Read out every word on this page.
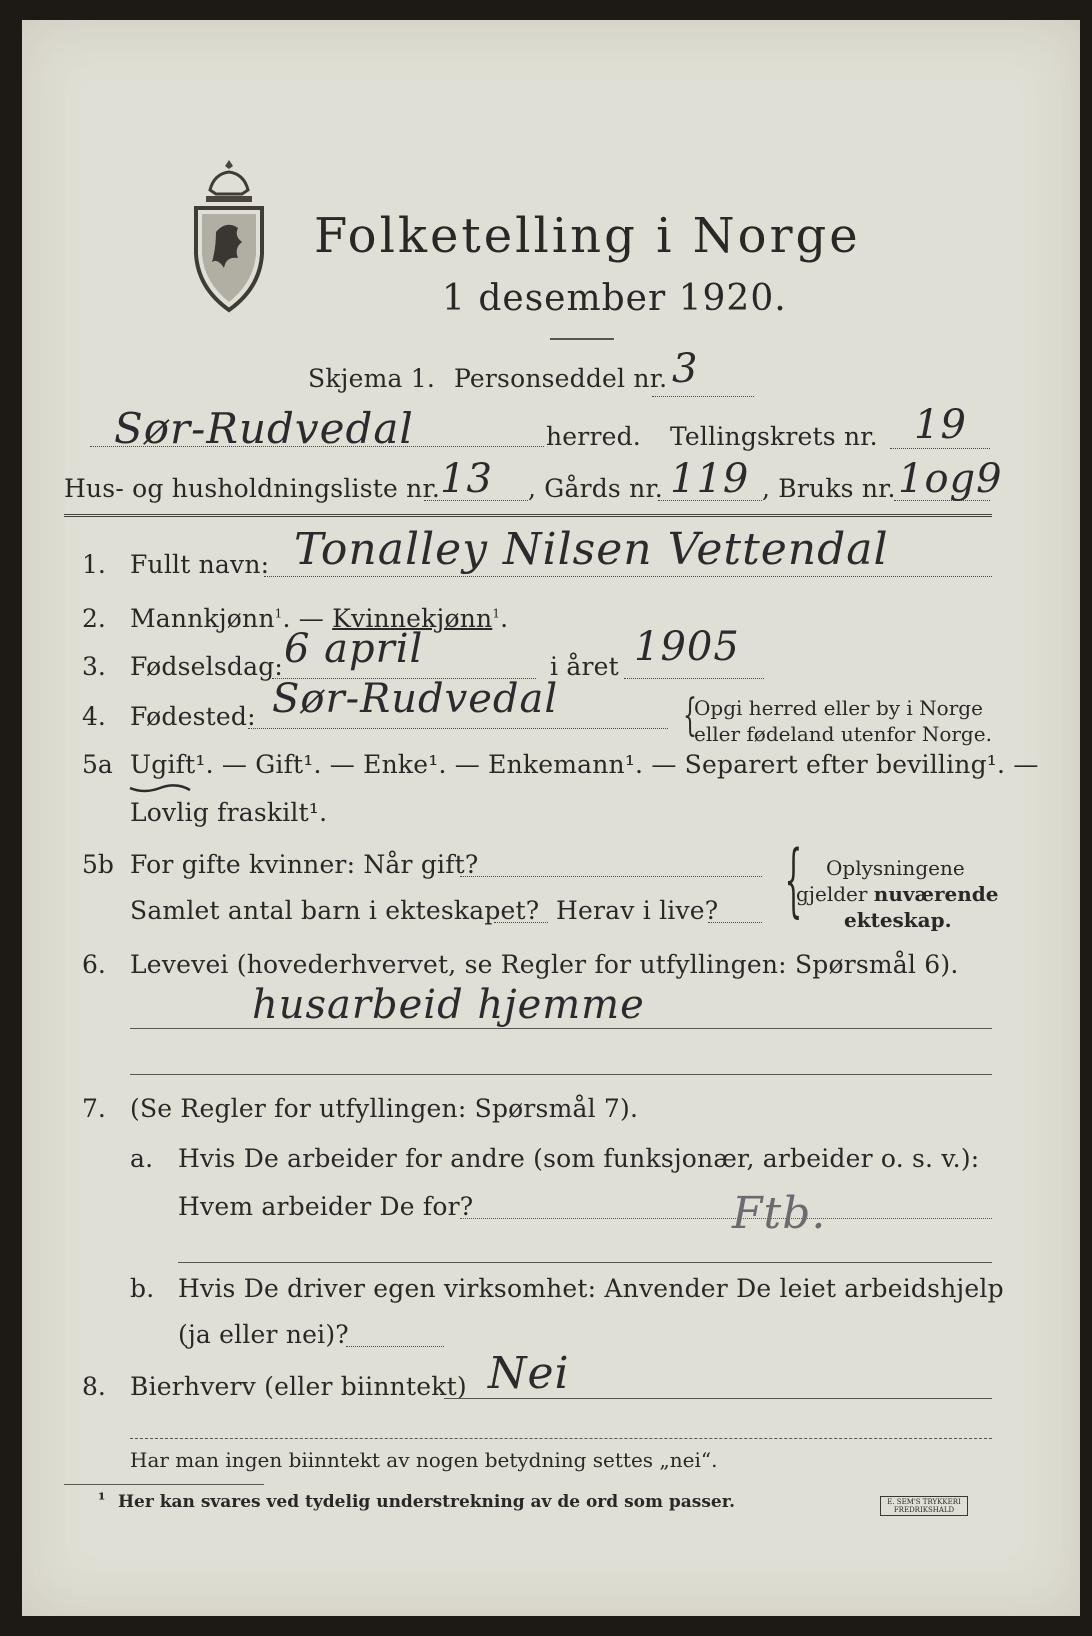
Folketelling i Norge
1 desember 1920.
Skjema 1. Personseddel nr. 3
Sør-Rudvedal	herred. Tellingskrets nr. 19
Hus- og husholdningsliste nr. 13 , Gårds nr. 119 , Bruks nr. 1og9
1. Fullt navn: Tonalley Nilsen Vettendal
2. Mannkjønn$^1$. — Kvinnekjønn$^1$.
3. Fødselsdag: 6 april	i året 1905
4. Fødested: Sør-Rudvedal	{
Opgi herred eller by i Norge
eller fødeland utenfor Norge.
5a Ugift¹. — Gift¹. — Enke¹. — Enkemann¹. — Separert efter bevilling¹. —
Lovlig fraskilt¹.
5b For gifte kvinner: Når gift?
Samlet antal barn i ekteskapet? Herav i live? { Oplysningene
gjelder nuværende
ekteskap.
6. Levevei (hovederhvervet, se Regler for utfyllingen: Spørsmål 6).
husarbeid hjemme
7. (Se Regler for utfyllingen: Spørsmål 7).
a. Hvis De arbeider for andre (som funksjonær, arbeider o. s. v.):
Hvem arbeider De for?	Ftb.
b. Hvis De driver egen virksomhet: Anvender De leiet arbeidshjelp
(ja eller nei)?
8. Bierhverv (eller biinntekt) Nei
Har man ingen biinntekt av nogen betydning settes „nei“.
¹ Her kan svares ved tydelig understrekning av de ord som passer.	E. SEM'S TRYKKERI FREDRIKSHALD
